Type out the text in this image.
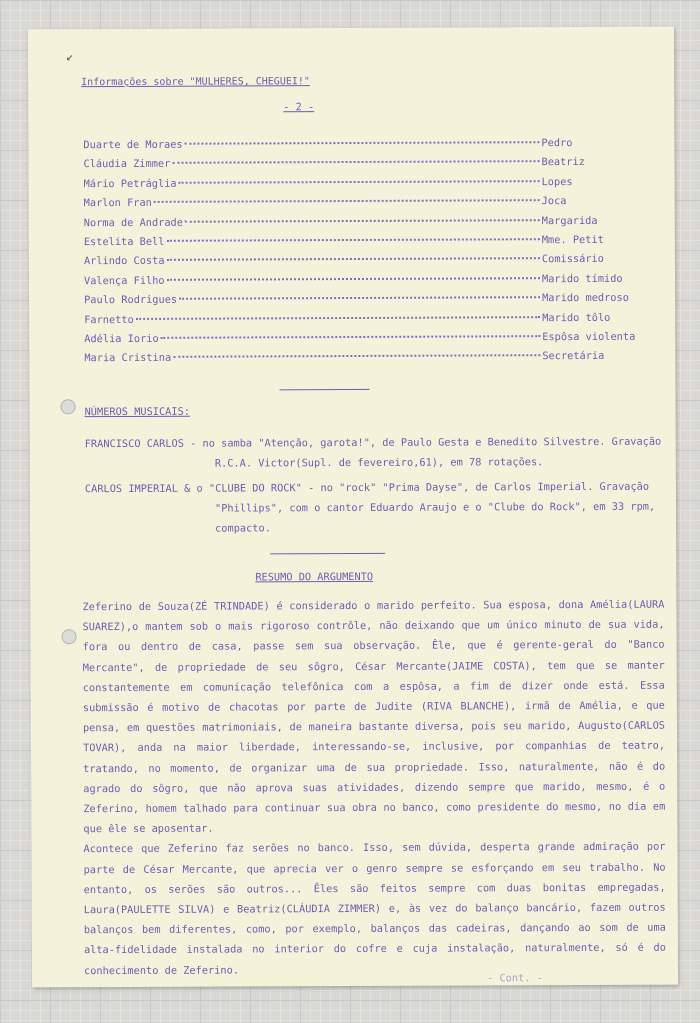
↙
Informações sobre "MULHERES, CHEGUEI!"
- 2 -
Duarte de Moraes	Pedro
Cláudia Zimmer	Beatriz
Mário Petráglia	Lopes
Marlon Fran	Joca
Norma de Andrade	Margarida
Estelita Bell	Mme. Petit
Arlindo Costa	Comissário
Valença Filho	Marido tímido
Paulo Rodrigues	Marido medroso
Farnetto	Marido tôlo
Adélia Iorio	Espôsa violenta
Maria Cristina	Secretária
NÚMEROS MUSICAIS:

FRANCISCO CARLOS - no samba "Atenção, garota!", de Paulo Gesta e Benedito Silvestre. Gravação R.C.A. Victor(Supl. de fevereiro,61), em 78 rotações.

CARLOS IMPERIAL & o "CLUBE DO ROCK" - no "rock" "Prima Dayse", de Carlos Imperial. Gravação "Phillips", com o cantor Eduardo Araujo e o "Clube do Rock", em 33 rpm, compacto.

RESUMO DO ARGUMENTO

Zeferino de Souza(ZÉ TRINDADE) é considerado o marido perfeito. Sua esposa, dona Amélia(LAURA SUAREZ),o mantem sob o mais rigoroso contrôle, não deixando que um único minuto de sua vida, fora ou dentro de casa, passe sem sua observação. Êle, que é gerente-geral do "Banco Mercante", de propriedade de seu sôgro, César Mercante(JAIME COSTA), tem que se manter constantemente em comunicação telefônica com a espôsa, a fim de dizer onde está. Essa submissão é motivo de chacotas por parte de Judite (RIVA BLANCHE), irmã de Amélia, e que pensa, em questões matrimoniais, de maneira bastante diversa, pois seu marido, Augusto(CARLOS TOVAR), anda na maior liberdade, interessando-se, inclusive, por companhias de teatro, tratando, no momento, de organizar uma de sua propriedade. Isso, naturalmente, não é do agrado do sôgro, que não aprova suas atividades, dizendo sempre que marido, mesmo, é o Zeferino, homem talhado para continuar sua obra no banco, como presidente do mesmo, no dia em que êle se aposentar.

Acontece que Zeferino faz serões no banco. Isso, sem dúvida, desperta grande admiração por parte de César Mercante, que aprecia ver o genro sempre se esforçando em seu trabalho. No entanto, os serões são outros... Êles são feitos sempre com duas bonitas empregadas, Laura(PAULETTE SILVA) e Beatriz(CLÁUDIA ZIMMER) e, às vez do balanço bancário, fazem outros balanços bem diferentes, como, por exemplo, balanços das cadeiras, dançando ao som de uma alta-fidelidade instalada no interior do cofre e cuja instalação, naturalmente, só é do conhecimento de Zeferino.

- Cont. -
